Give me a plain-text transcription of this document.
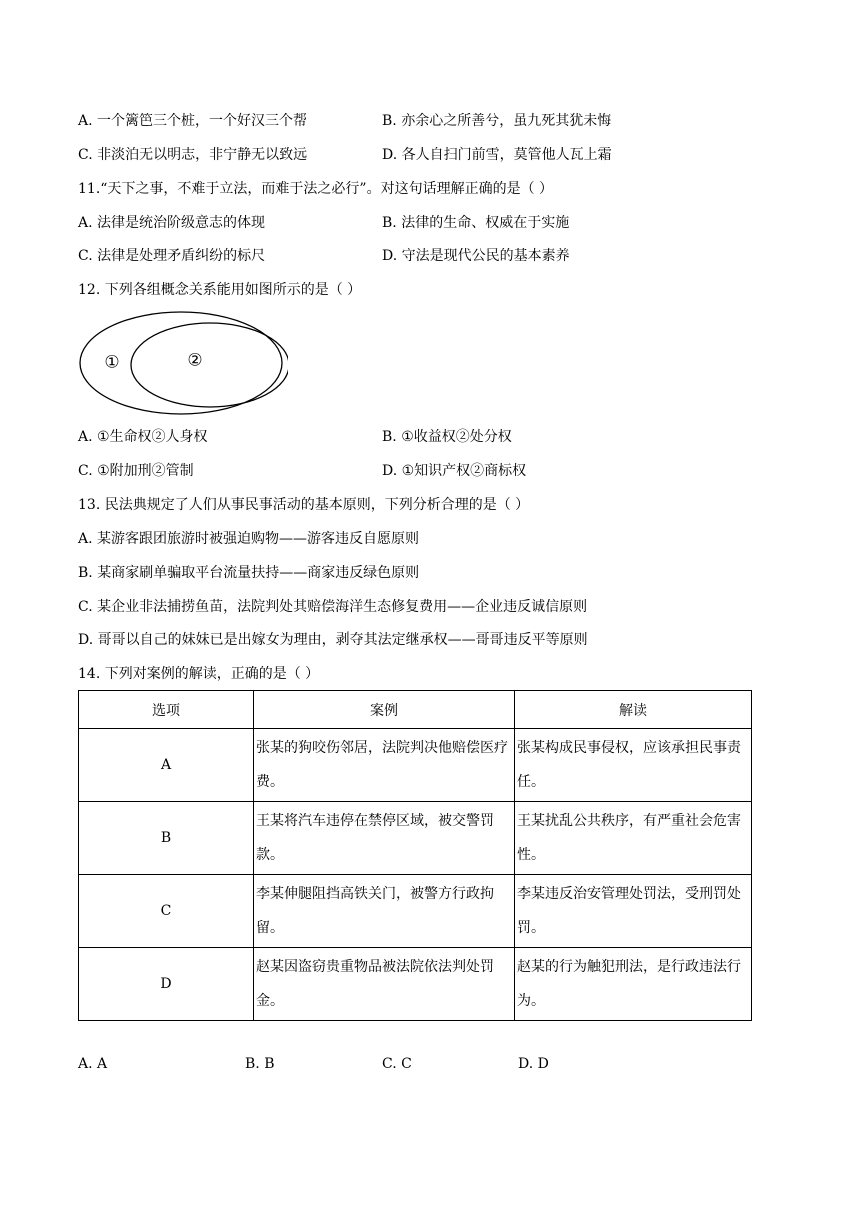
A. 一个篱笆三个桩，一个好汉三个帮	B. 亦余心之所善兮，虽九死其犹未悔
C. 非淡泊无以明志，非宁静无以致远	D. 各人自扫门前雪，莫管他人瓦上霜
11.“天下之事，不难于立法，而难于法之必行”。对这句话理解正确的是（ ）
A. 法律是统治阶级意志的体现	B. 法律的生命、权威在于实施
C. 法律是处理矛盾纠纷的标尺	D. 守法是现代公民的基本素养
12. 下列各组概念关系能用如图所示的是（ ）
①	②
A. ①生命权②人身权	B. ①收益权②处分权
C. ①附加刑②管制	D. ①知识产权②商标权
13. 民法典规定了人们从事民事活动的基本原则，下列分析合理的是（ ）
A. 某游客跟团旅游时被强迫购物——游客违反自愿原则
B. 某商家刷单骗取平台流量扶持——商家违反绿色原则
C. 某企业非法捕捞鱼苗，法院判处其赔偿海洋生态修复费用——企业违反诚信原则
D. 哥哥以自己的妹妹已是出嫁女为理由，剥夺其法定继承权——哥哥违反平等原则
14. 下列对案例的解读，正确的是（ ）
选项	案例	解读
A	张某的狗咬伤邻居，法院判决他赔偿医疗费。	张某构成民事侵权，应该承担民事责任。
B	王某将汽车违停在禁停区域，被交警罚款。	王某扰乱公共秩序，有严重社会危害性。
C	李某伸腿阻挡高铁关门，被警方行政拘留。	李某违反治安管理处罚法，受刑罚处罚。
D	赵某因盗窃贵重物品被法院依法判处罚金。	赵某的行为触犯刑法，是行政违法行为。
A. A	B. B	C. C	D. D
